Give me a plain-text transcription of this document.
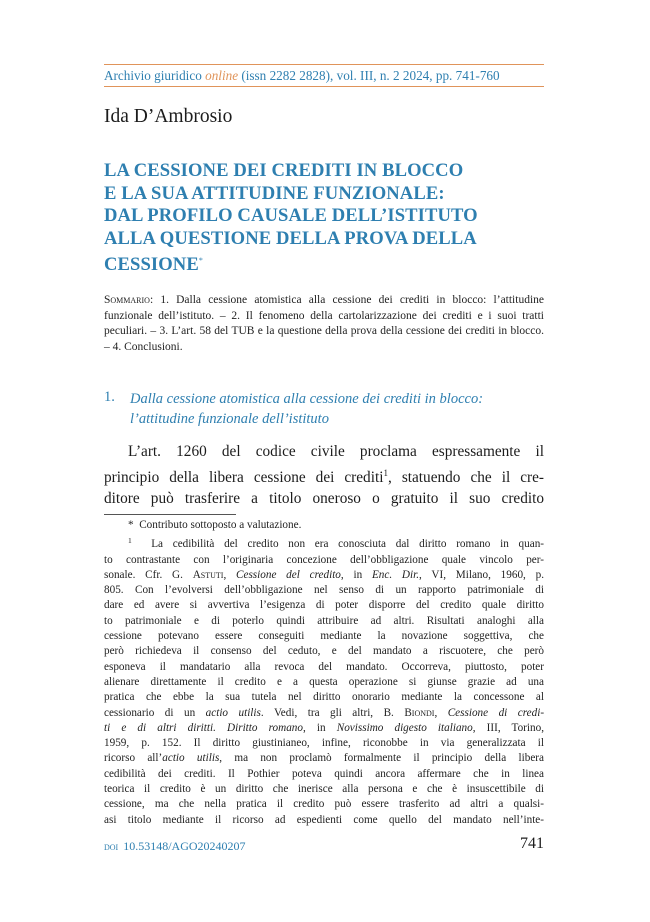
Archivio giuridico online (issn 2282 2828), vol. III, n. 2 2024, pp. 741-760
Ida D’Ambrosio
LA CESSIONE DEI CREDITI IN BLOCCO
E LA SUA ATTITUDINE FUNZIONALE:
DAL PROFILO CAUSALE DELL’ISTITUTO
ALLA QUESTIONE DELLA PROVA DELLA
CESSIONE*
Sommario: 1. Dalla cessione atomistica alla cessione dei crediti in blocco: l’attitudine funzionale dell’istituto. – 2. Il fenomeno della cartolarizzazione dei crediti e i suoi tratti peculiari. – 3. L’art. 58 del TUB e la questione della prova della cessione dei crediti in blocco. – 4. Conclusioni.
1. Dalla cessione atomistica alla cessione dei crediti in blocco: l’attitudine funzionale dell’istituto
L’art. 1260 del codice civile proclama espressamente il
principio della libera cessione dei crediti$^1$, statuendo che il cre-
ditore può trasferire a titolo oneroso o gratuito il suo credito
* Contributo sottoposto a valutazione.
$^1$ La cedibilità del credito non era conosciuta dal diritto romano in quan-
to contrastante con l’originaria concezione dell’obbligazione quale vincolo per-
sonale. Cfr. G. Astuti, Cessione del credito, in Enc. Dir., VI, Milano, 1960, p.
805. Con l’evolversi dell’obbligazione nel senso di un rapporto patrimoniale di
dare ed avere si avvertiva l’esigenza di poter disporre del credito quale diritto
to patrimoniale e di poterlo quindi attribuire ad altri. Risultati analoghi alla
cessione potevano essere conseguiti mediante la novazione soggettiva, che
però richiedeva il consenso del ceduto, e del mandato a riscuotere, che però
esponeva il mandatario alla revoca del mandato. Occorreva, piuttosto, poter
alienare direttamente il credito e a questa operazione si giunse grazie ad una
pratica che ebbe la sua tutela nel diritto onorario mediante la concessone al
cessionario di un actio utilis. Vedi, tra gli altri, B. Biondi, Cessione di credi-
ti e di altri diritti. Diritto romano, in Novissimo digesto italiano, III, Torino,
1959, p. 152. Il diritto giustinianeo, infine, riconobbe in via generalizzata il
ricorso all’actio utilis, ma non proclamò formalmente il principio della libera
cedibilità dei crediti. Il Pothier poteva quindi ancora affermare che in linea
teorica il credito è un diritto che inerisce alla persona e che è insuscettibile di
cessione, ma che nella pratica il credito può essere trasferito ad altri a qualsi-
asi titolo mediante il ricorso ad espedienti come quello del mandato nell’inte-
doi 10.53148/AGO20240207	741
